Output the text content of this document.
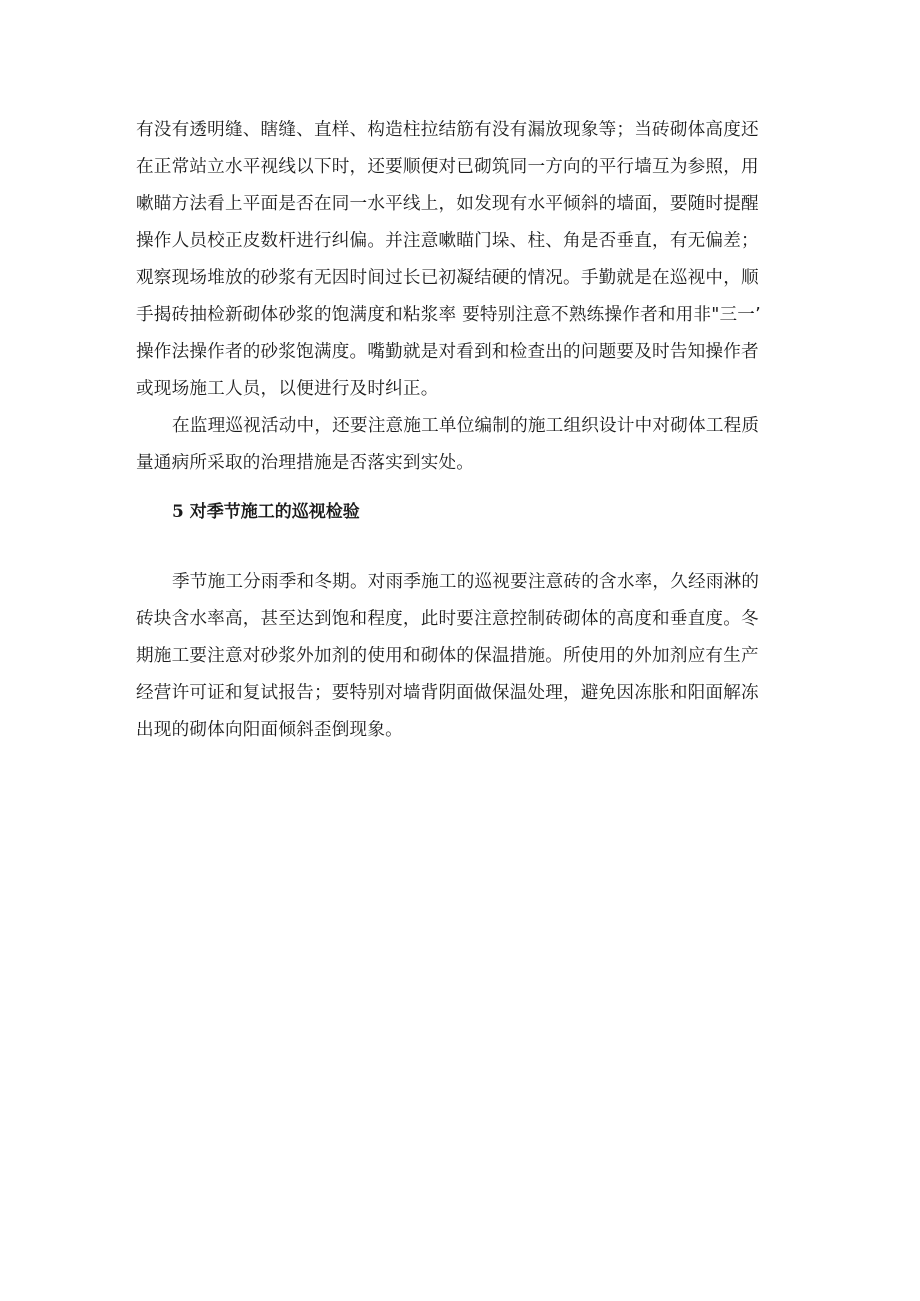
有没有透明缝、瞎缝、直样、构造柱拉结筋有没有漏放现象等；当砖砌体高度还
在正常站立水平视线以下时，还要顺便对已砌筑同一方向的平行墙互为参照，用
嗽瞄方法看上平面是否在同一水平线上，如发现有水平倾斜的墙面，要随时提醒
操作人员校正皮数杆进行纠偏。并注意嗽瞄门垛、柱、角是否垂直，有无偏差；
观察现场堆放的砂浆有无因时间过长已初凝结硬的情况。手勤就是在巡视中，顺
手揭砖抽检新砌体砂浆的饱满度和粘浆率 要特别注意不熟练操作者和用非"三一’
操作法操作者的砂浆饱满度。嘴勤就是对看到和检查出的问题要及时告知操作者
或现场施工人员，以便进行及时纠正。
在监理巡视活动中，还要注意施工单位编制的施工组织设计中对砌体工程质
量通病所采取的治理措施是否落实到实处。
5 对季节施工的巡视检验
季节施工分雨季和冬期。对雨季施工的巡视要注意砖的含水率，久经雨淋的
砖块含水率高，甚至达到饱和程度，此时要注意控制砖砌体的高度和垂直度。冬
期施工要注意对砂浆外加剂的使用和砌体的保温措施。所使用的外加剂应有生产
经营许可证和复试报告；要特别对墙背阴面做保温处理，避免因冻胀和阳面解冻
出现的砌体向阳面倾斜歪倒现象。
